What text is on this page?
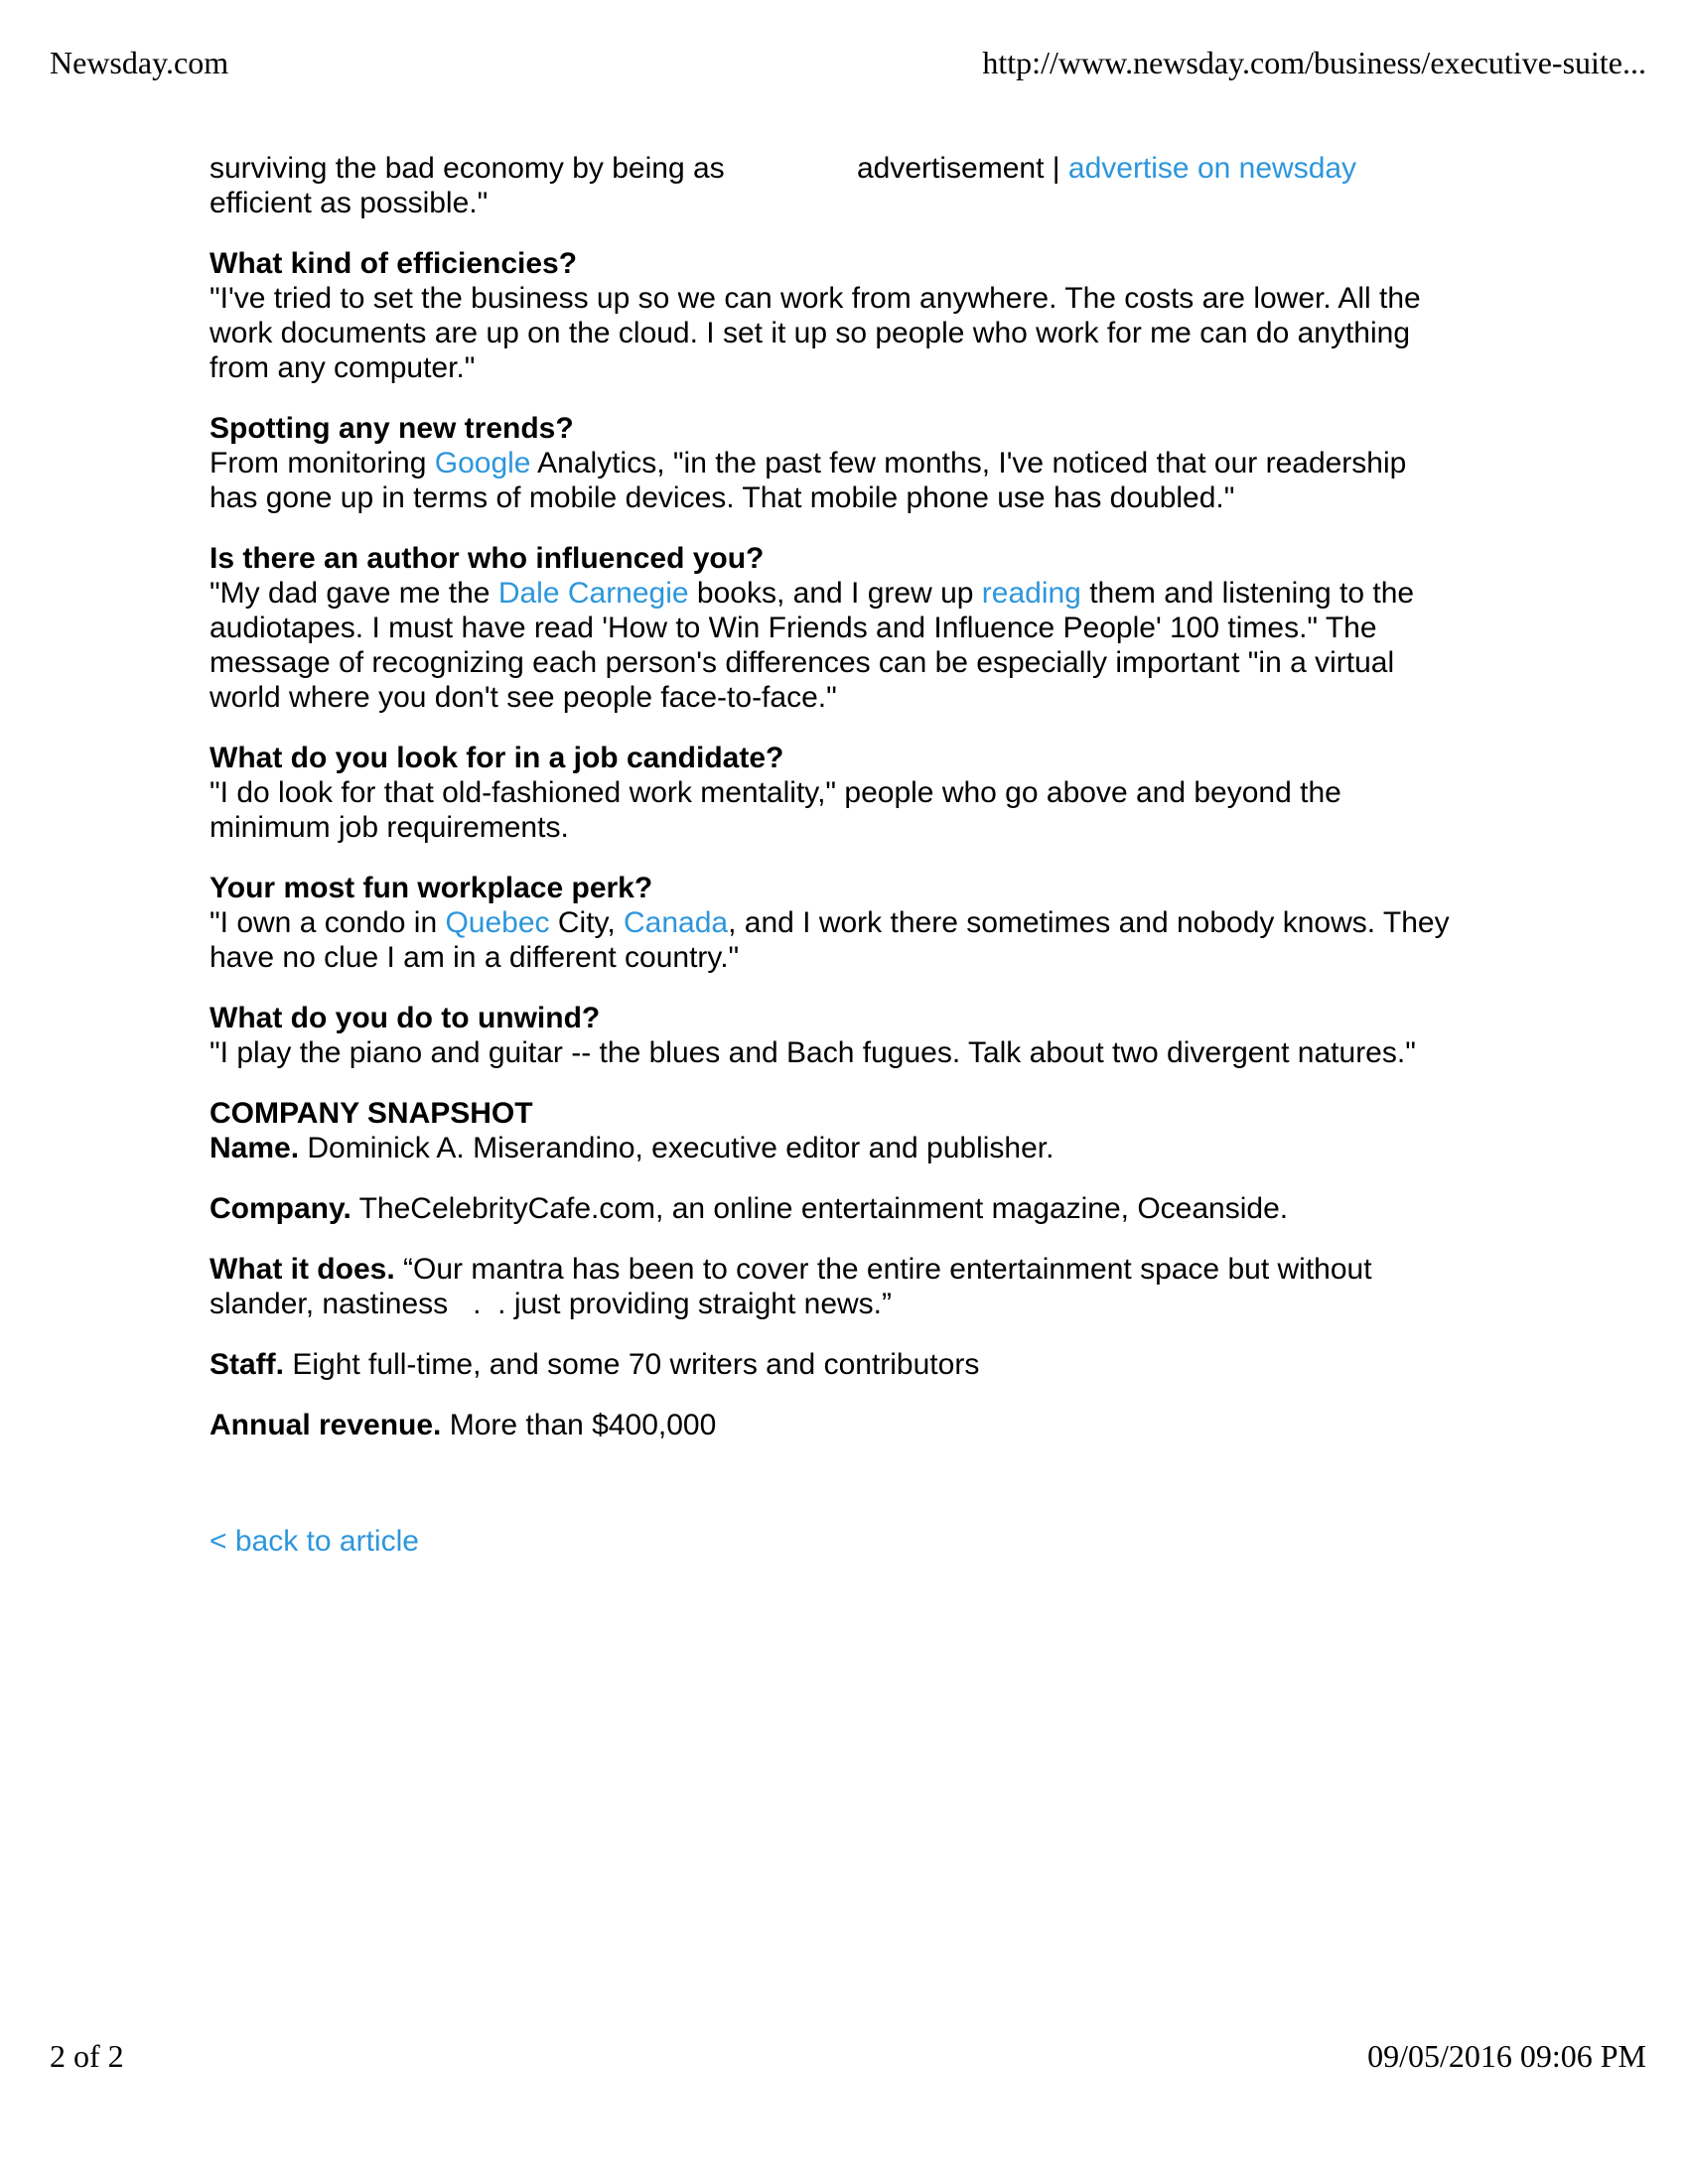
Newsday.com	http://www.newsday.com/business/executive-suite...
advertisement | advertise on newsday
surviving the bad economy by being as
efficient as possible."
What kind of efficiencies?
"I've tried to set the business up so we can work from anywhere. The costs are lower. All the
work documents are up on the cloud. I set it up so people who work for me can do anything
from any computer."
Spotting any new trends?
From monitoring Google Analytics, "in the past few months, I've noticed that our readership
has gone up in terms of mobile devices. That mobile phone use has doubled."
Is there an author who influenced you?
"My dad gave me the Dale Carnegie books, and I grew up reading them and listening to the
audiotapes. I must have read 'How to Win Friends and Influence People' 100 times." The
message of recognizing each person's differences can be especially important "in a virtual
world where you don't see people face-to-face."
What do you look for in a job candidate?
"I do look for that old-fashioned work mentality," people who go above and beyond the
minimum job requirements.
Your most fun workplace perk?
"I own a condo in Quebec City, Canada, and I work there sometimes and nobody knows. They
have no clue I am in a different country."
What do you do to unwind?
"I play the piano and guitar -- the blues and Bach fugues. Talk about two divergent natures."
COMPANY SNAPSHOT
Name. Dominick A. Miserandino, executive editor and publisher.
Company. TheCelebrityCafe.com, an online entertainment magazine, Oceanside.
What it does. “Our mantra has been to cover the entire entertainment space but without
slander, nastiness   .  . just providing straight news.”
Staff. Eight full-time, and some 70 writers and contributors
Annual revenue. More than $400,000
< back to article
2 of 2	09/05/2016 09:06 PM
